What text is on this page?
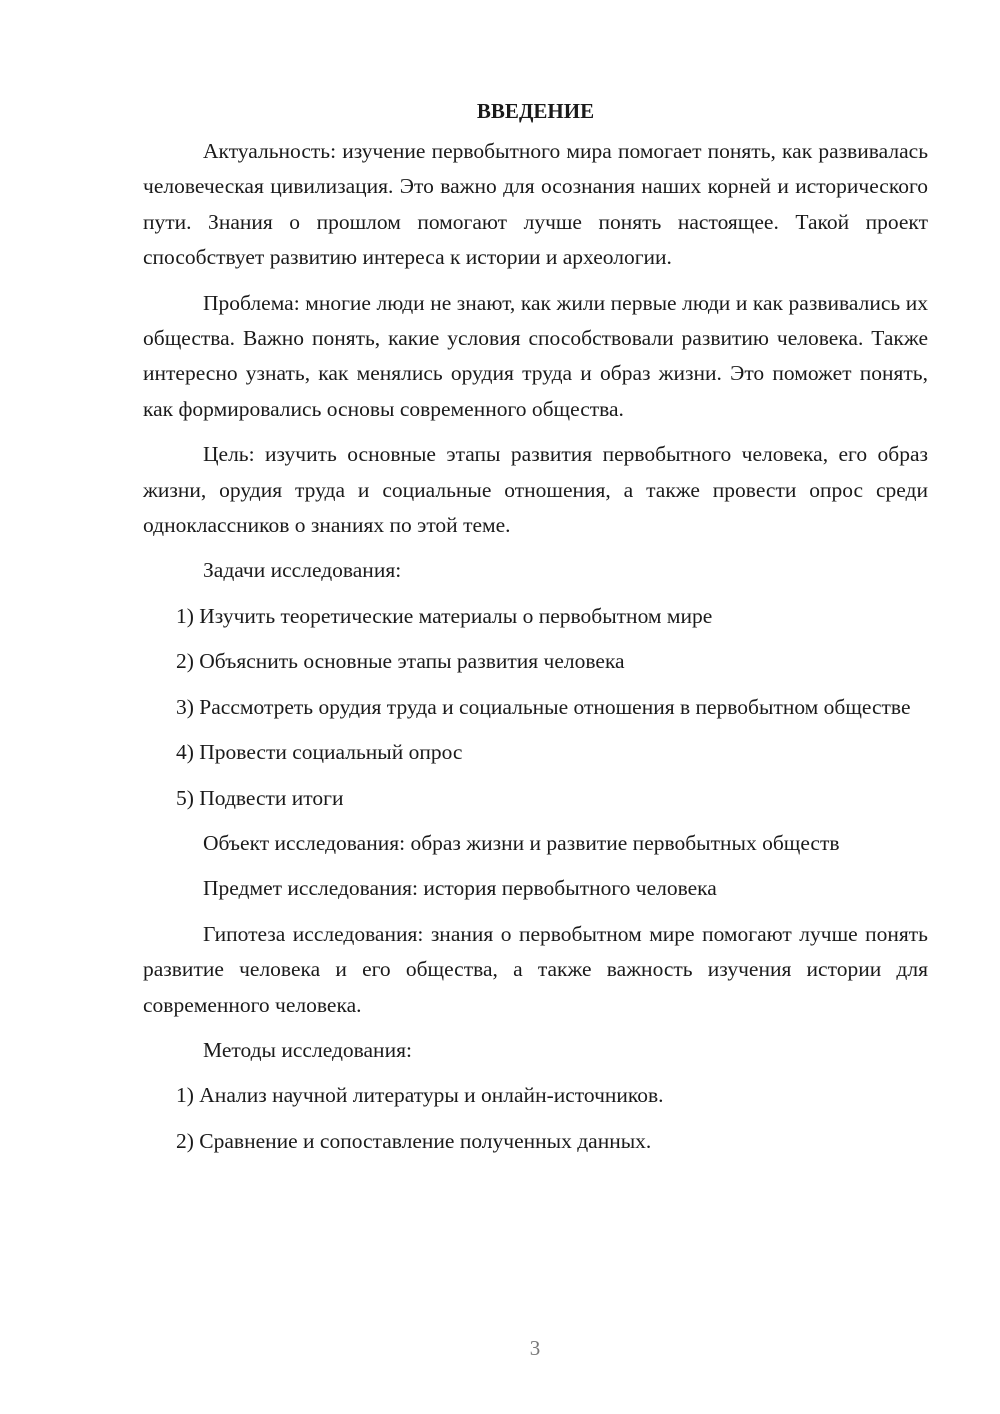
ВВЕДЕНИЕ
Актуальность: изучение первобытного мира помогает понять, как развивалась человеческая цивилизация. Это важно для осознания наших корней и исторического пути. Знания о прошлом помогают лучше понять настоящее. Такой проект способствует развитию интереса к истории и археологии.
Проблема: многие люди не знают, как жили первые люди и как развивались их общества. Важно понять, какие условия способствовали развитию человека. Также интересно узнать, как менялись орудия труда и образ жизни. Это поможет понять, как формировались основы современного общества.
Цель: изучить основные этапы развития первобытного человека, его образ жизни, орудия труда и социальные отношения, а также провести опрос среди одноклассников о знаниях по этой теме.
Задачи исследования:
1) Изучить теоретические материалы о первобытном мире
2) Объяснить основные этапы развития человека
3) Рассмотреть орудия труда и социальные отношения в первобытном обществе
4) Провести социальный опрос
5) Подвести итоги
Объект исследования: образ жизни и развитие первобытных обществ
Предмет исследования: история первобытного человека
Гипотеза исследования: знания о первобытном мире помогают лучше понять развитие человека и его общества, а также важность изучения истории для современного человека.
Методы исследования:
1) Анализ научной литературы и онлайн-источников.
2) Сравнение и сопоставление полученных данных.
3
